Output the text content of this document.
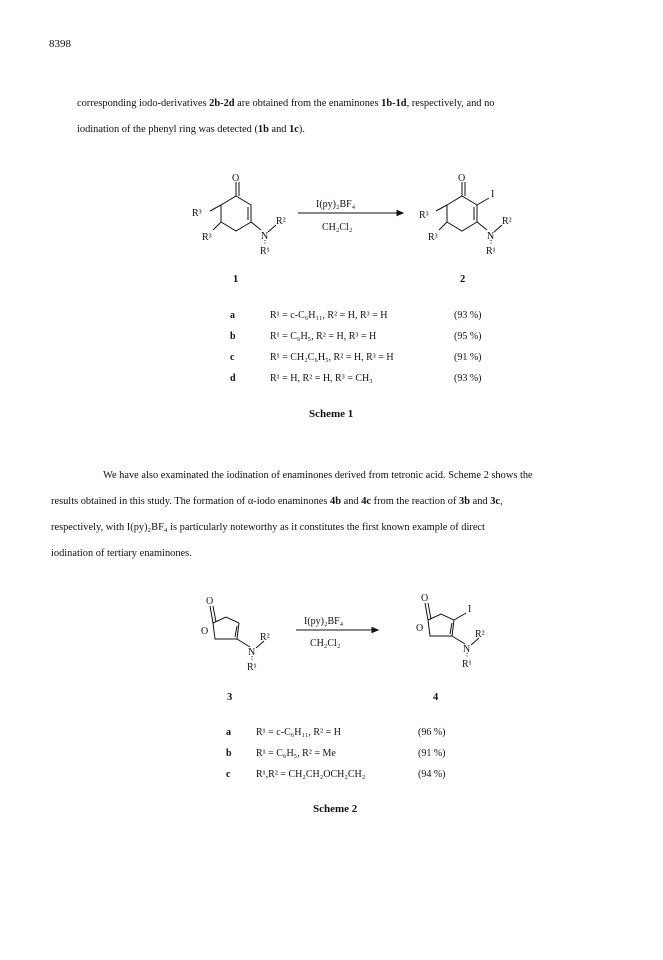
8398
corresponding iodo-derivatives 2b-2d are obtained from the enaminones 1b-1d, respectively, and no
iodination of the phenyl ring was detected (1b and 1c).
O
R³
R³	N
R²
R¹
I(py)₂BF₄
CH₂Cl₂
O
I
R³
R³	N
R²
R¹
1	2
O
O
N
R²
R¹
I(py)₂BF₄
CH₂Cl₂
O
I
O
N
R²
R¹
3	4
a	R¹ = c-C₆H₁₁, R² = H, R³ = H	(93 %)
b	R¹ = C₆H₅, R² = H, R³ = H	(95 %)
c	R¹ = CH₂C₆H₅, R² = H, R³ = H	(91 %)
d	R¹ = H, R² = H, R³ = CH₃	(93 %)
Scheme 1
We have also examinated the iodination of enaminones derived from tetronic acid. Scheme 2 shows the
results obtained in this study. The formation of α-iodo enaminones 4b and 4c from the reaction of 3b and 3c,
respectively, with I(py)₂BF₄ is particularly noteworthy as it constitutes the first known example of direct
iodination of tertiary enaminones.
a	R¹ = c-C₆H₁₁, R² = H	(96 %)
b R¹ = C₆H₅, R² = Me	(91 %)
c	R¹,R² = CH₂CH₂OCH₂CH₂	(94 %)
Scheme 2
